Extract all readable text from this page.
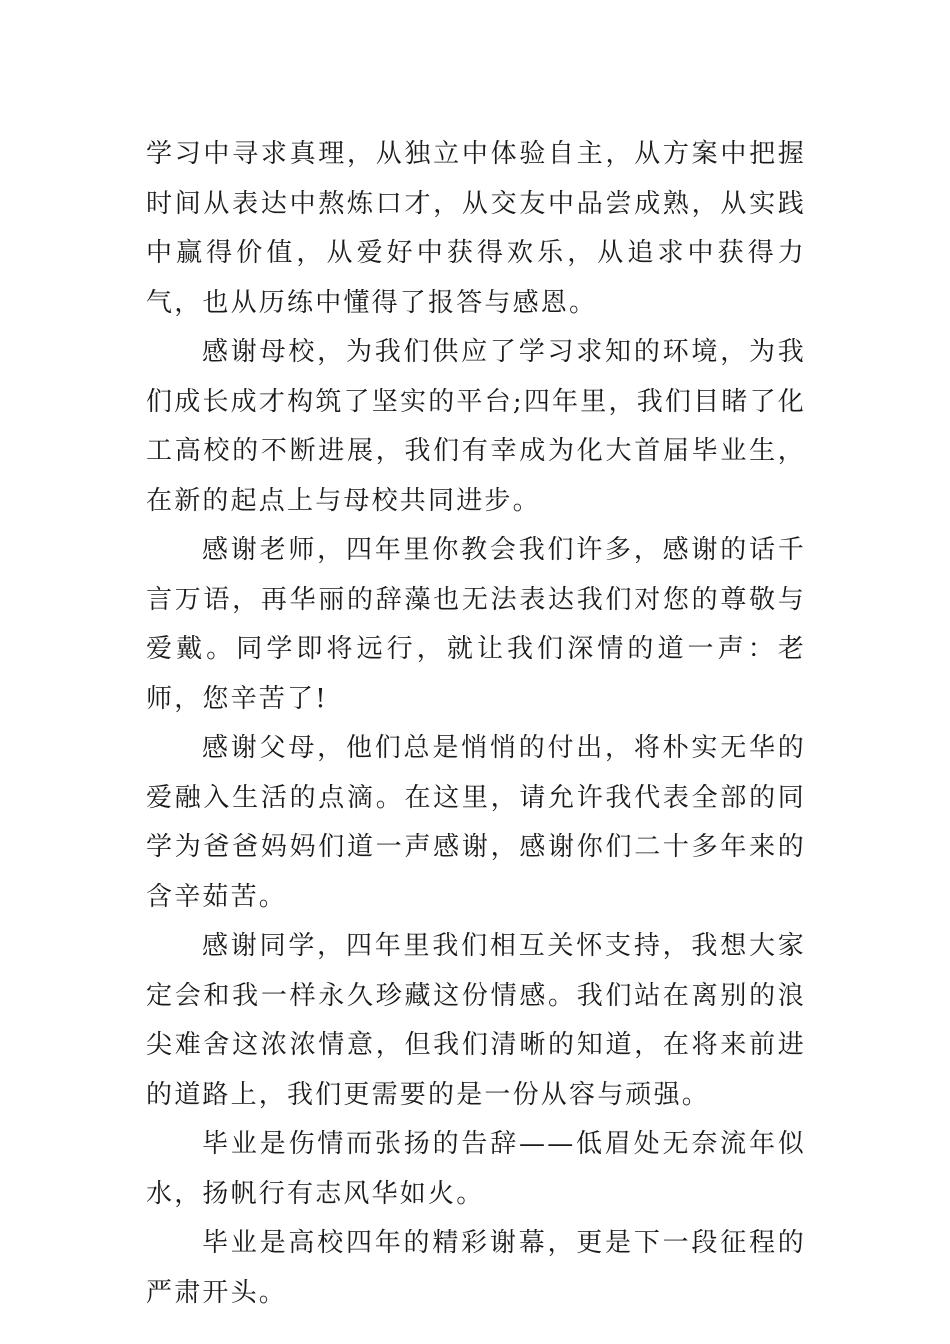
学习中寻求真理，从独立中体验自主，从方案中把握时间从表达中熬炼口才，从交友中品尝成熟，从实践中赢得价值，从爱好中获得欢乐，从追求中获得力气，也从历练中懂得了报答与感恩。

感谢母校，为我们供应了学习求知的环境，为我们成长成才构筑了坚实的平台;四年里，我们目睹了化工高校的不断进展，我们有幸成为化大首届毕业生，在新的起点上与母校共同进步。

感谢老师，四年里你教会我们许多，感谢的话千言万语，再华丽的辞藻也无法表达我们对您的尊敬与爱戴。同学即将远行，就让我们深情的道一声：老师，您辛苦了!

感谢父母，他们总是悄悄的付出，将朴实无华的爱融入生活的点滴。在这里，请允许我代表全部的同学为爸爸妈妈们道一声感谢，感谢你们二十多年来的含辛茹苦。

感谢同学，四年里我们相互关怀支持，我想大家定会和我一样永久珍藏这份情感。我们站在离别的浪尖难舍这浓浓情意，但我们清晰的知道，在将来前进的道路上，我们更需要的是一份从容与顽强。

毕业是伤情而张扬的告辞——低眉处无奈流年似水，扬帆行有志风华如火。

毕业是高校四年的精彩谢幕，更是下一段征程的严肃开头。
